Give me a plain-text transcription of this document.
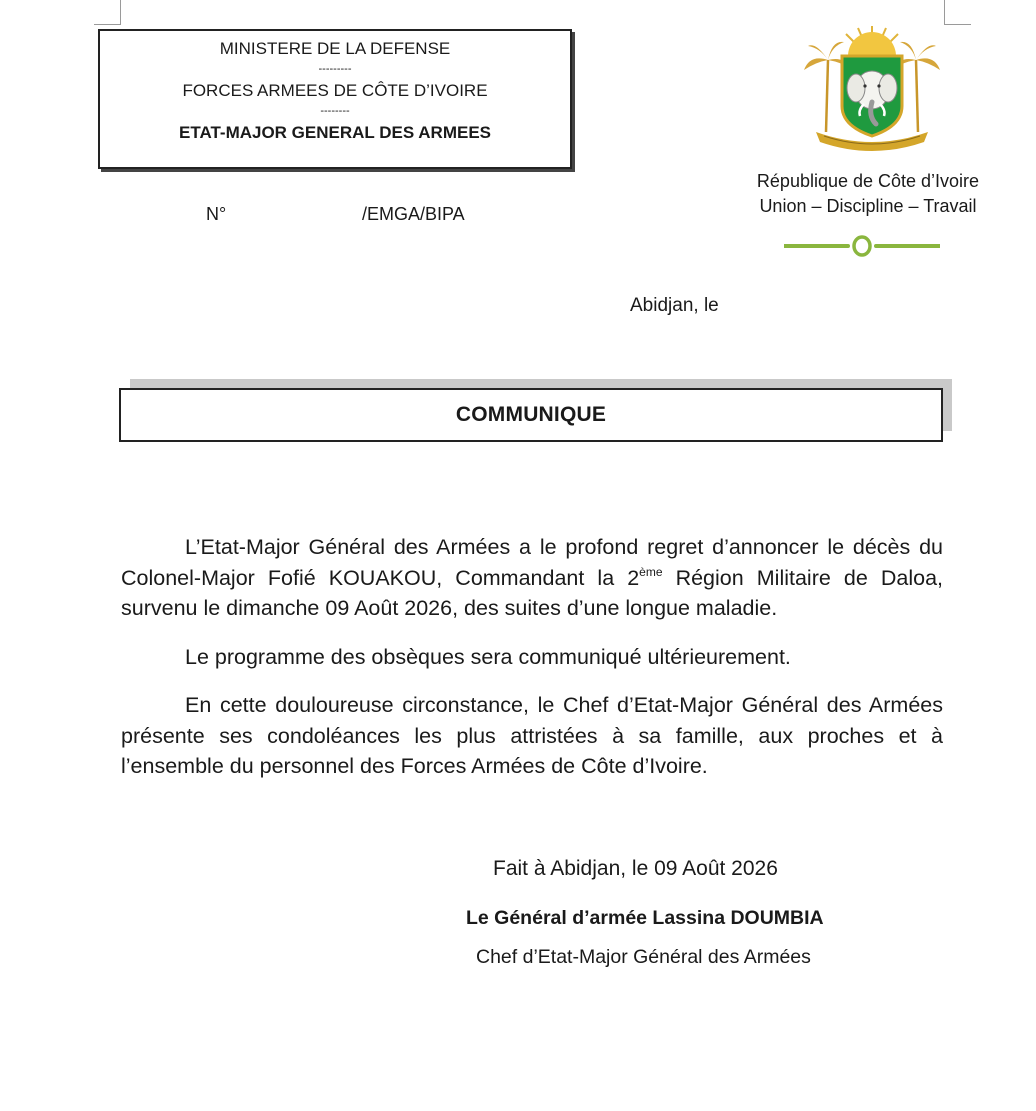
MINISTERE DE LA DEFENSE
---------
FORCES ARMEES DE CÔTE D’IVOIRE
--------
ETAT-MAJOR GENERAL DES ARMEES
N°	/EMGA/BIPA
République de Côte d’Ivoire
Union – Discipline – Travail
Abidjan, le
COMMUNIQUE

L’Etat-Major Général des Armées a le profond regret d’annoncer le décès du Colonel-Major Fofié KOUAKOU, Commandant la 2ème Région Militaire de Daloa, survenu le dimanche 09 Août 2026, des suites d’une longue maladie.

Le programme des obsèques sera communiqué ultérieurement.

En cette douloureuse circonstance, le Chef d’Etat-Major Général des Armées présente ses condoléances les plus attristées à sa famille, aux proches et à l’ensemble du personnel des Forces Armées de Côte d’Ivoire.

Fait à Abidjan, le 09 Août 2026
Le Général d’armée Lassina DOUMBIA
Chef d’Etat-Major Général des Armées
